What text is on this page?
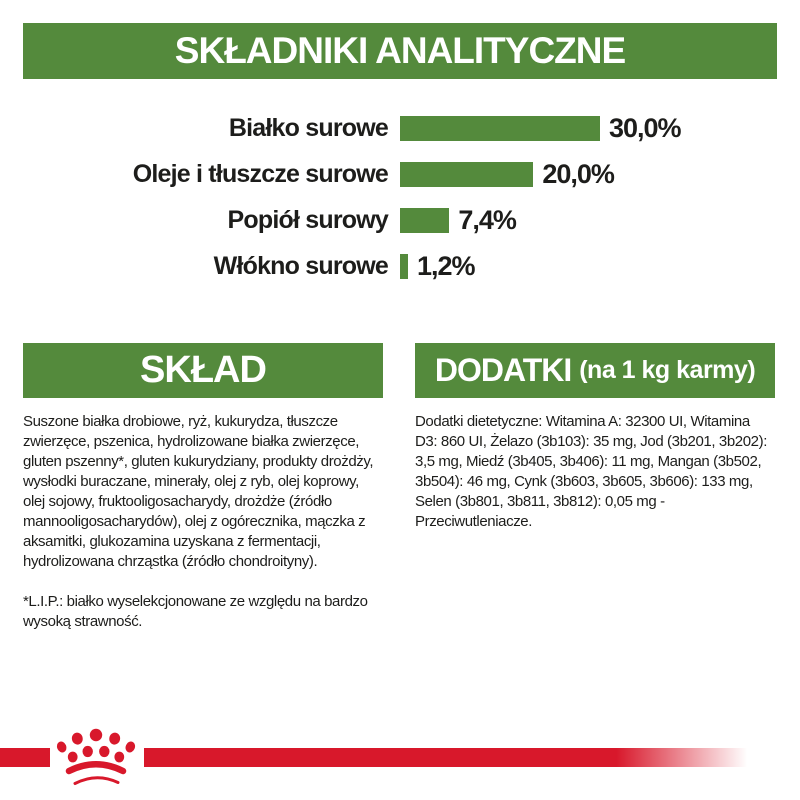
SKŁADNIKI ANALITYCZNE
Białko surowe	30,0%
Oleje i tłuszcze surowe	20,0%
Popiół surowy	7,4%
Włókno surowe 1,2%
SKŁAD

Suszone białka drobiowe, ryż, kukurydza, tłuszcze zwierzęce, pszenica, hydrolizowane białka zwierzęce, gluten pszenny*, gluten kukurydziany, produkty drożdży, wysłodki buraczane, minerały, olej z ryb, olej koprowy, olej sojowy, fruktooligosacharydy, drożdże (źródło mannooligosacharydów), olej z ogórecznika, mączka z aksamitki, glukozamina uzyskana z fermentacji, hydrolizowana chrząstka (źródło chondroityny).

*L.I.P.: białko wyselekcjonowane ze względu na bardzo wysoką strawność.

DODATKI (na 1 kg karmy)

Dodatki dietetyczne: Witamina A: 32300 UI, Witamina D3: 860 UI, Żelazo (3b103): 35 mg, Jod (3b201, 3b202): 3,5 mg, Miedź (3b405, 3b406): 11 mg, Mangan (3b502, 3b504): 46 mg, Cynk (3b603, 3b605, 3b606): 133 mg, Selen (3b801, 3b811, 3b812): 0,05 mg - Przeciwutleniacze.
